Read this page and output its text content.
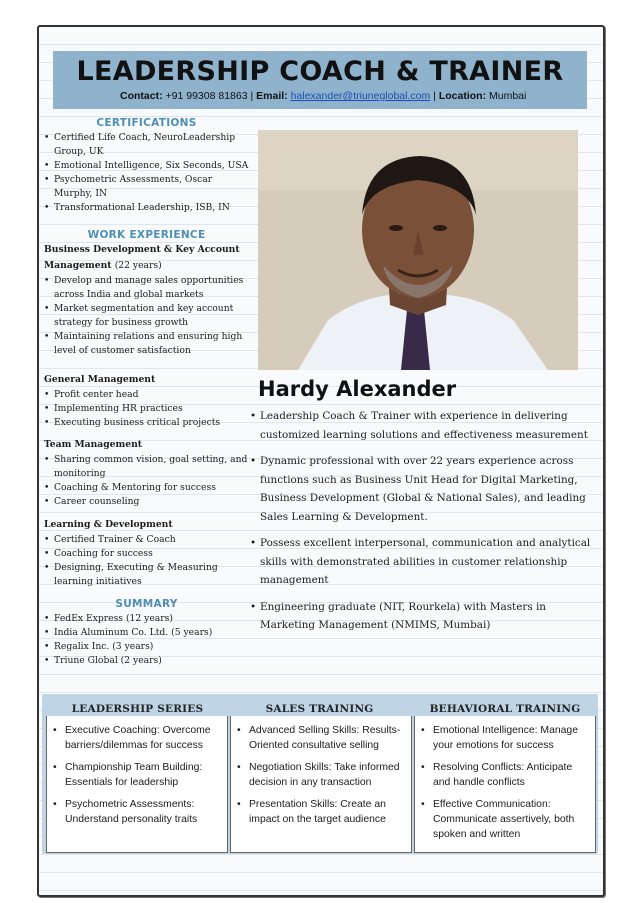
LEADERSHIP COACH & TRAINER
Contact: +91 99308 81863 | Email: halexander@triuneglobal.com | Location: Mumbai
CERTIFICATIONS
• Certified Life Coach, NeuroLeadership Group, UK
• Emotional Intelligence, Six Seconds, USA
• Psychometric Assessments, Oscar Murphy, IN
• Transformational Leadership, ISB, IN
WORK EXPERIENCE
Business Development & Key Account Management (22 years)
• Develop and manage sales opportunities across India and global markets
• Market segmentation and key account strategy for business growth
• Maintaining relations and ensuring high level of customer satisfaction
General Management
• Profit center head
• Implementing HR practices
• Executing business critical projects
Team Management
• Sharing common vision, goal setting, and monitoring
• Coaching & Mentoring for success
• Career counseling
Learning & Development
• Certified Trainer & Coach
• Coaching for success
• Designing, Executing & Measuring learning initiatives
SUMMARY
• FedEx Express (12 years)
• India Aluminum Co. Ltd. (5 years)
• Regalix Inc. (3 years)
• Triune Global (2 years)
Hardy Alexander
• Leadership Coach & Trainer with experience in delivering customized learning solutions and effectiveness measurement
• Dynamic professional with over 22 years experience across functions such as Business Unit Head for Digital Marketing, Business Development (Global & National Sales), and leading Sales Learning & Development.
• Possess excellent interpersonal, communication and analytical skills with demonstrated abilities in customer relationship management
• Engineering graduate (NIT, Rourkela) with Masters in Marketing Management (NMIMS, Mumbai)
LEADERSHIP SERIES
• Executive Coaching: Overcome barriers/dilemmas for success
• Championship Team Building: Essentials for leadership
• Psychometric Assessments: Understand personality traits
SALES TRAINING
• Advanced Selling Skills: Results-Oriented consultative selling
• Negotiation Skills: Take informed decision in any transaction
• Presentation Skills: Create an impact on the target audience
BEHAVIORAL TRAINING
• Emotional Intelligence: Manage your emotions for success
• Resolving Conflicts: Anticipate and handle conflicts
• Effective Communication: Communicate assertively, both spoken and written
